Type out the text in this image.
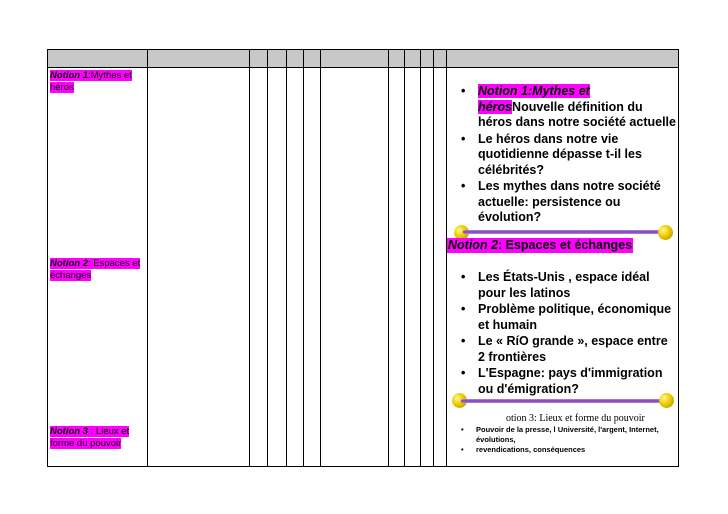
Notion 1:Mythes et héros
Notion 2: Espaces et échanges
Notion 3 : Lieux et forme du pouvoir
• Notion 1:Mythes et hérosNouvelle définition du héros dans notre société actuelle
• Le héros dans notre vie quotidienne dépasse t-il les célébrités?
• Les mythes dans notre société actuelle: persistence ou évolution?
•
Notion 2: Espaces et échanges
• Les États-Unis , espace idéal pour les latinos
• Problème politique, économique et humain
• Le « RíO grande », espace entre 2 frontières
• L'Espagne: pays d'immigration ou d'émigration?
otion 3: Lieux et forme du pouvoir
• Pouvoir de la presse, l Université, l'argent, Internet, évolutions,
• revendications, conséquences
